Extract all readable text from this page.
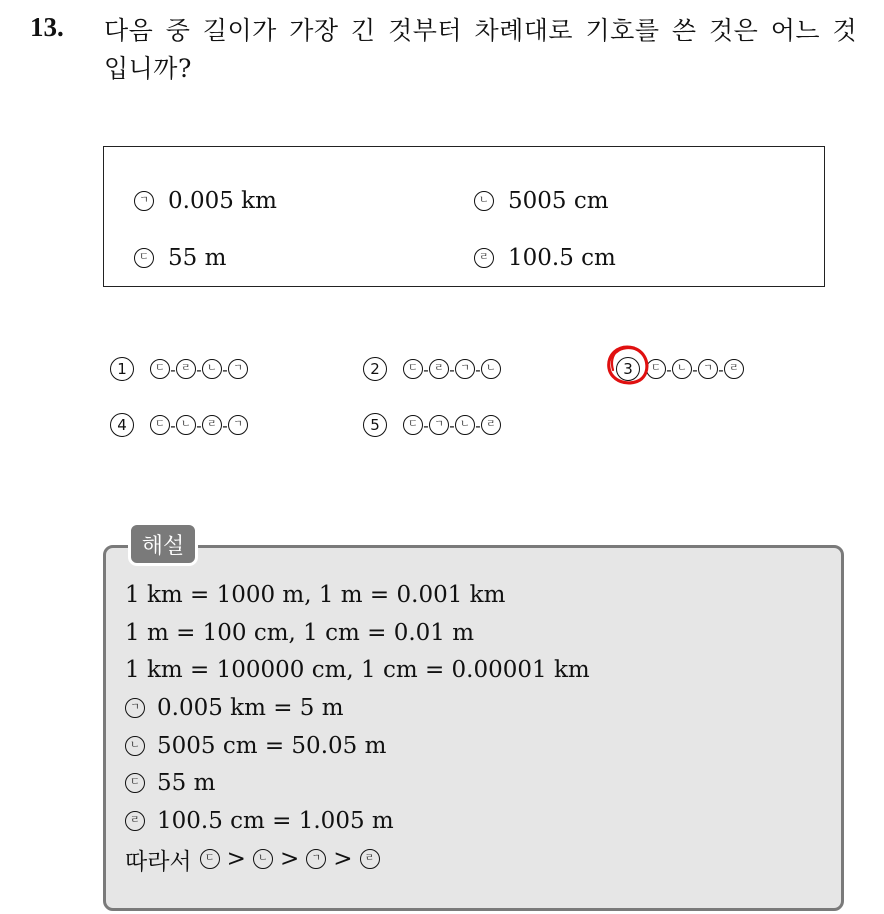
13. 다음 중 길이가 가장 긴 것부터 차례대로 기호를 쓴 것은 어느 것입니까?
ㄱ 0.005 km	ㄴ 5005 cm
ㄷ 55 m	ㄹ 100.5 cm
1	ㄷ - ㄹ - ㄴ - ㄱ	2	ㄷ - ㄹ - ㄱ - ㄴ	3	ㄷ - ㄴ - ㄱ - ㄹ
4	ㄷ - ㄴ - ㄹ - ㄱ	5	ㄷ - ㄱ - ㄴ - ㄹ
해설
1 km = 1000 m, 1 m = 0.001 km
1 m = 100 cm, 1 cm = 0.01 m
1 km = 100000 cm, 1 cm = 0.00001 km
ㄱ 0.005 km = 5 m
ㄴ 5005 cm = 50.05 m
ㄷ 55 m
ㄹ 100.5 cm = 1.005 m
따라서	ㄷ >	ㄴ >	ㄱ >	ㄹ
